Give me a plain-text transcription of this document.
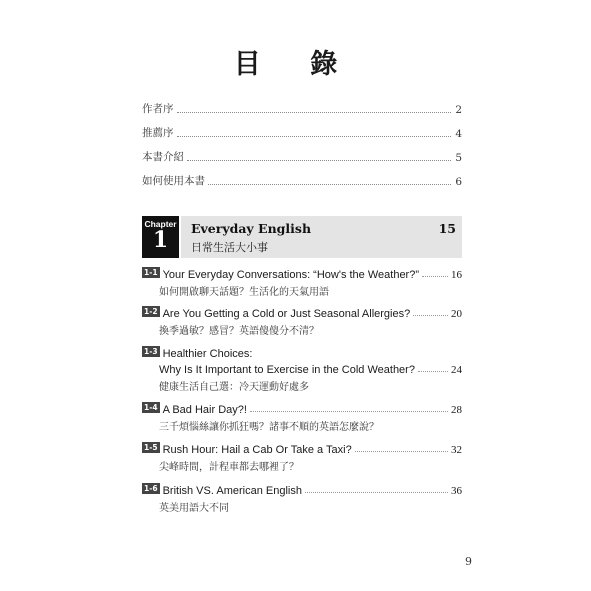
目 錄
作者序	2
推薦序	4
本書介紹	5
如何使用本書	6
Chapter
1	Everyday English	15
日常生活大小事
1-1 Your Everyday Conversations: “How's the Weather?”	16
如何開啟聊天話題？生活化的天氣用語
1-2 Are You Getting a Cold or Just Seasonal Allergies?	20
換季過敏？感冒？英語傻傻分不清？
1-3 Healthier Choices:
Why Is It Important to Exercise in the Cold Weather?	24
健康生活自己選：冷天運動好處多
1-4 A Bad Hair Day?!	28
三千煩惱絲讓你抓狂嗎？諸事不順的英語怎麼說？
1-5 Rush Hour: Hail a Cab Or Take a Taxi?	32
尖峰時間，計程車都去哪裡了？
1-6 British VS. American English	36
英美用語大不同
9
